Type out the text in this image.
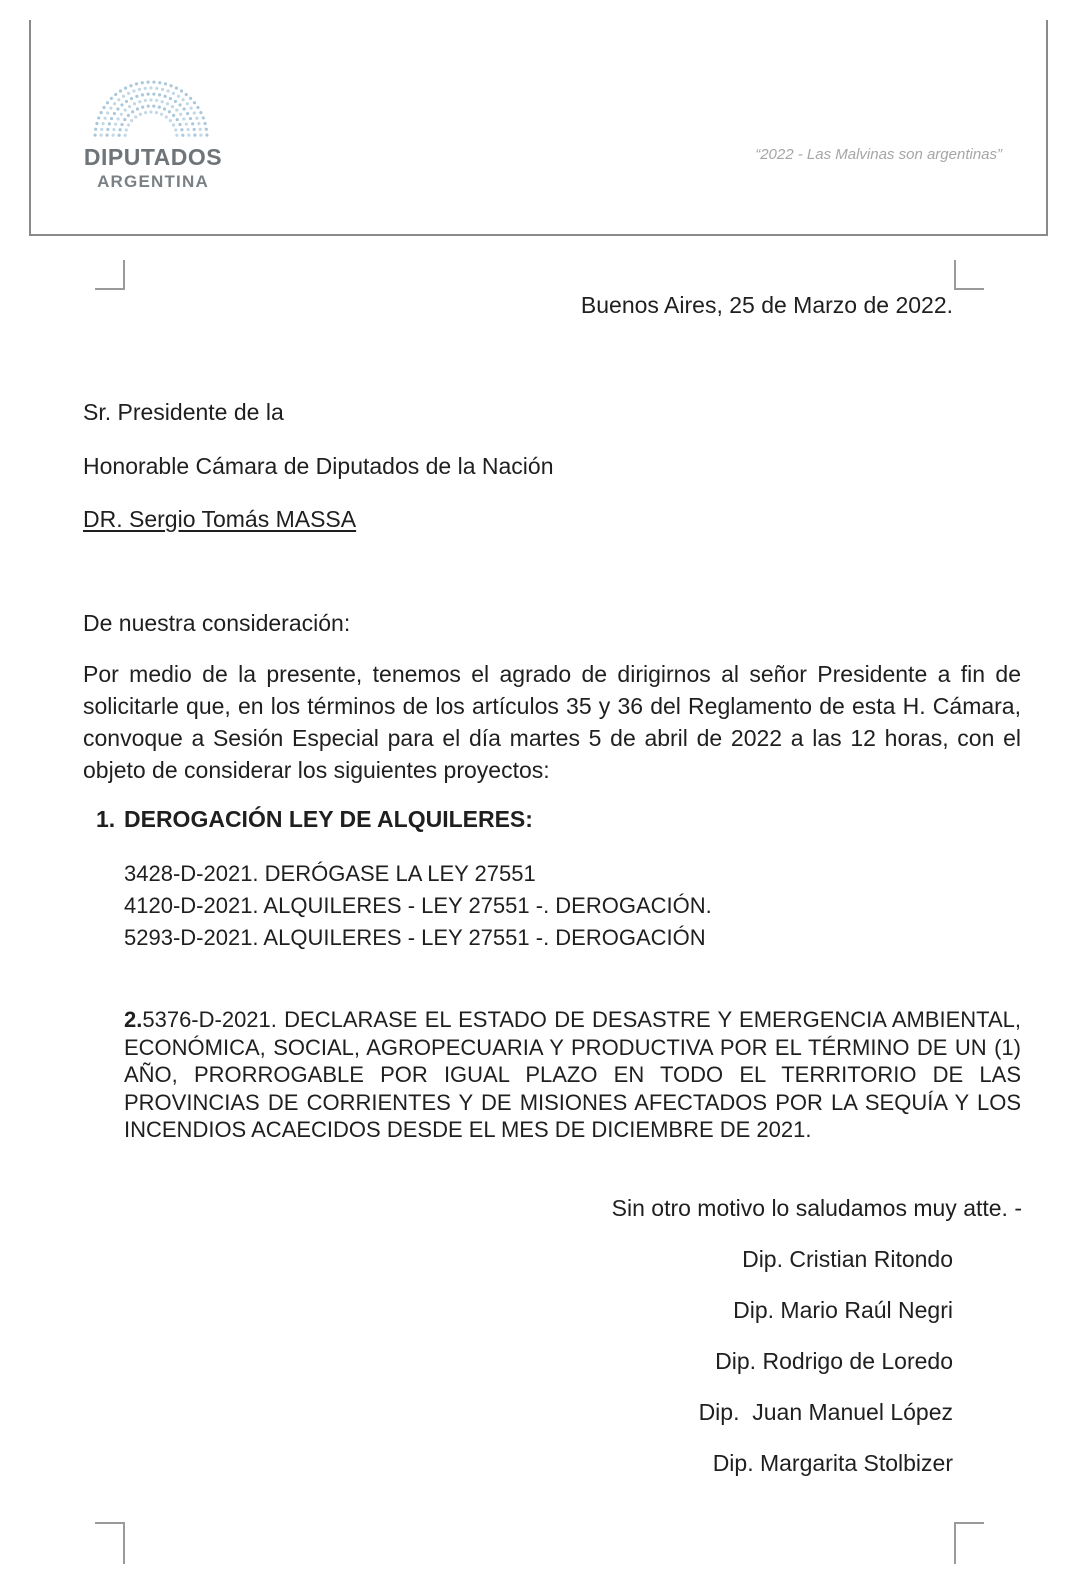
DIPUTADOS
ARGENTINA
“2022 - Las Malvinas son argentinas”
Buenos Aires, 25 de Marzo de 2022.
Sr. Presidente de la
Honorable Cámara de Diputados de la Nación
DR. Sergio Tomás MASSA
De nuestra consideración:
Por medio de la presente, tenemos el agrado de dirigirnos al señor Presidente a fin de solicitarle que, en los términos de los artículos 35 y 36 del Reglamento de esta H. Cámara, convoque a Sesión Especial para el día martes 5 de abril de 2022 a las 12 horas, con el objeto de considerar los siguientes proyectos:
1. DEROGACIÓN LEY DE ALQUILERES:
3428-D-2021. DERÓGASE LA LEY 27551
4120-D-2021. ALQUILERES - LEY 27551 -. DEROGACIÓN.
5293-D-2021. ALQUILERES - LEY 27551 -. DEROGACIÓN
2.5376-D-2021. DECLARASE EL ESTADO DE DESASTRE Y EMERGENCIA AMBIENTAL, ECONÓMICA, SOCIAL, AGROPECUARIA Y PRODUCTIVA POR EL TÉRMINO DE UN (1) AÑO, PRORROGABLE POR IGUAL PLAZO EN TODO EL TERRITORIO DE LAS PROVINCIAS DE CORRIENTES Y DE MISIONES AFECTADOS POR LA SEQUÍA Y LOS INCENDIOS ACAECIDOS DESDE EL MES DE DICIEMBRE DE 2021.
Sin otro motivo lo saludamos muy atte. -
Dip. Cristian Ritondo
Dip. Mario Raúl Negri
Dip. Rodrigo de Loredo
Dip.  Juan Manuel López
Dip. Margarita Stolbizer
